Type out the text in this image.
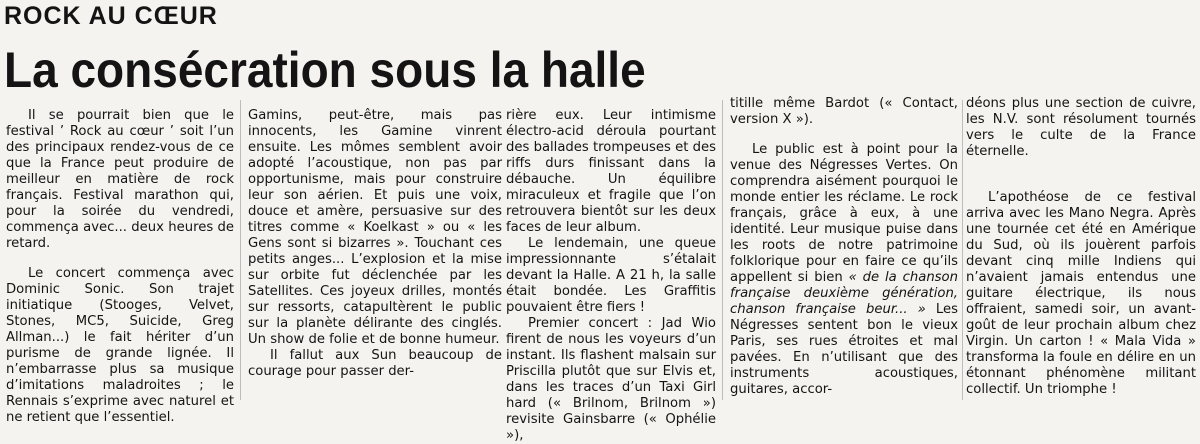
ROCK AU CŒUR
La consécration sous la halle

Il se pourrait bien que le festival ’ Rock au cœur ’ soit l’un des principaux rendez-vous de ce que la France peut produire de meilleur en matière de rock français. Festival marathon qui, pour la soirée du vendredi, commença avec... deux heures de retard.

Le concert commença avec Dominic Sonic. Son trajet initiatique (Stooges, Velvet, Stones, MC5, Suicide, Greg Allman...) le fait hériter d’un purisme de grande lignée. Il n’embarrasse plus sa musique d’imitations maladroites ; le Rennais s’exprime avec naturel et ne retient que l’essentiel.

Gamins, peut-être, mais pas innocents, les Gamine vinrent ensuite. Les mômes semblent avoir adopté l’acoustique, non pas par opportunisme, mais pour construire leur son aérien. Et puis une voix, douce et amère, persuasive sur des titres comme « Koelkast » ou « les Gens sont si bizarres ». Touchant ces petits anges... L’explosion et la mise sur orbite fut déclenchée par les Satellites. Ces joyeux drilles, montés sur ressorts, catapultèrent le public sur la planète délirante des cinglés. Un show de folie et de bonne humeur.

Il fallut aux Sun beaucoup de courage pour passer der-

rière eux. Leur intimisme électro-acid déroula pourtant des ballades trompeuses et des riffs durs finissant dans la débauche. Un équilibre miraculeux et fragile que l’on retrouvera bientôt sur les deux faces de leur album.

Le lendemain, une queue impressionnante s’étalait devant la Halle. A 21 h, la salle était bondée. Les Graffitis pouvaient être fiers !

Premier concert : Jad Wio firent de nous les voyeurs d’un instant. Ils flashent malsain sur Priscilla plutôt que sur Elvis et, dans les traces d’un Taxi Girl hard (« Brilnom, Brilnom ») revisite Gainsbarre (« Ophélie »),

titille même Bardot (« Contact, version X »).

Le public est à point pour la venue des Négresses Vertes. On comprendra aisément pourquoi le monde entier les réclame. Le rock français, grâce à eux, à une identité. Leur musique puise dans les roots de notre patrimoine folklorique pour en faire ce qu’ils appellent si bien « de la chanson française deuxième génération, chanson française beur... » Les Négresses sentent bon le vieux Paris, ses rues étroites et mal pavées. En n’utilisant que des instruments acoustiques, guitares, accor-

déons plus une section de cuivre, les N.V. sont résolument tournés vers le culte de la France éternelle.

L’apothéose de ce festival arriva avec les Mano Negra. Après une tournée cet été en Amérique du Sud, où ils jouèrent parfois devant cinq mille Indiens qui n’avaient jamais entendus une guitare électrique, ils nous offraient, samedi soir, un avant-goût de leur prochain album chez Virgin. Un carton ! « Mala Vida » transforma la foule en délire en un étonnant phénomène militant collectif. Un triomphe !
